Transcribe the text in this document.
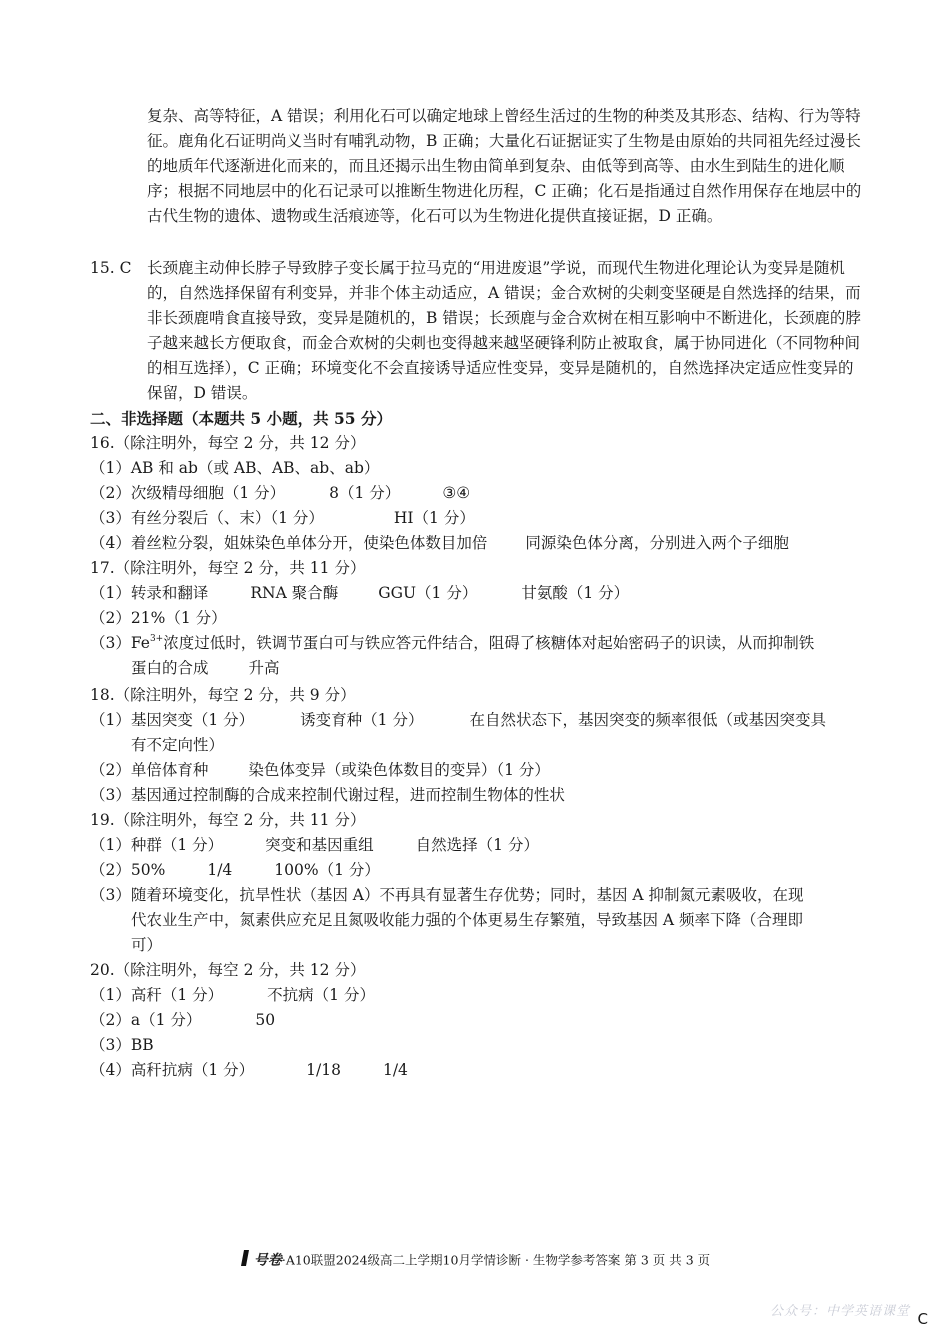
复杂、高等特征，A 错误；利用化石可以确定地球上曾经生活过的生物的种类及其形态、结构、行为等特征。鹿角化石证明尚义当时有哺乳动物，B 正确；大量化石证据证实了生物是由原始的共同祖先经过漫长的地质年代逐渐进化而来的，而且还揭示出生物由简单到复杂、由低等到高等、由水生到陆生的进化顺序；根据不同地层中的化石记录可以推断生物进化历程，C 正确；化石是指通过自然作用保存在地层中的古代生物的遗体、遗物或生活痕迹等，化石可以为生物进化提供直接证据，D 正确。
15. C 长颈鹿主动伸长脖子导致脖子变长属于拉马克的“用进废退”学说，而现代生物进化理论认为变异是随机的，自然选择保留有利变异，并非个体主动适应，A 错误；金合欢树的尖刺变坚硬是自然选择的结果，而非长颈鹿啃食直接导致，变异是随机的，B 错误；长颈鹿与金合欢树在相互影响中不断进化，长颈鹿的脖子越来越长方便取食，而金合欢树的尖刺也变得越来越坚硬锋利防止被取食，属于协同进化（不同物种间的相互选择），C 正确；环境变化不会直接诱导适应性变异，变异是随机的，自然选择决定适应性变异的保留，D 错误。
二、非选择题（本题共 5 小题，共 55 分）
16.（除注明外，每空 2 分，共 12 分）
（1）AB 和 ab（或 AB、AB、ab、ab）
（2）次级精母细胞（1 分）	8（1 分）	③④
（3）有丝分裂后（、末）（1 分）	HI（1 分）
（4）着丝粒分裂，姐妹染色单体分开，使染色体数目加倍 同源染色体分离，分别进入两个子细胞
17.（除注明外，每空 2 分，共 11 分）
（1）转录和翻译	RNA 聚合酶	GGU（1 分）	甘氨酸（1 分）
（2）21%（1 分）
$(3)Fe^{3+}$浓度过低时，铁调节蛋白可与铁应答元件结合，阻碍了核糖体对起始密码子的识读，从而抑制铁
蛋白的合成	升高
18.（除注明外，每空 2 分，共 9 分）
（1）基因突变（1 分）	诱变育种（1 分）	在自然状态下，基因突变的频率很低（或基因突变具
有不定向性）
（2）单倍体育种	染色体变异（或染色体数目的变异）（1 分）
（3）基因通过控制酶的合成来控制代谢过程，进而控制生物体的性状
19.（除注明外，每空 2 分，共 11 分）
（1）种群（1 分）	突变和基因重组	自然选择（1 分）
（2）50%	1/4	100%（1 分）
（3）随着环境变化，抗旱性状（基因 A）不再具有显著生存优势；同时，基因 A 抑制氮元素吸收，在现
代农业生产中，氮素供应充足且氮吸收能力强的个体更易生存繁殖，导致基因 A 频率下降（合理即
可）
20.（除注明外，每空 2 分，共 12 分）
（1）高秆（1 分）	不抗病（1 分）
（2）a（1 分）	50
（3）BB
（4）高秆抗病（1 分）	1/18	1/4
号卷·A10联盟2024级高二上学期10月学情诊断 · 生物学参考答案 第 3 页 共 3 页
公众号：中学英语课堂 C
